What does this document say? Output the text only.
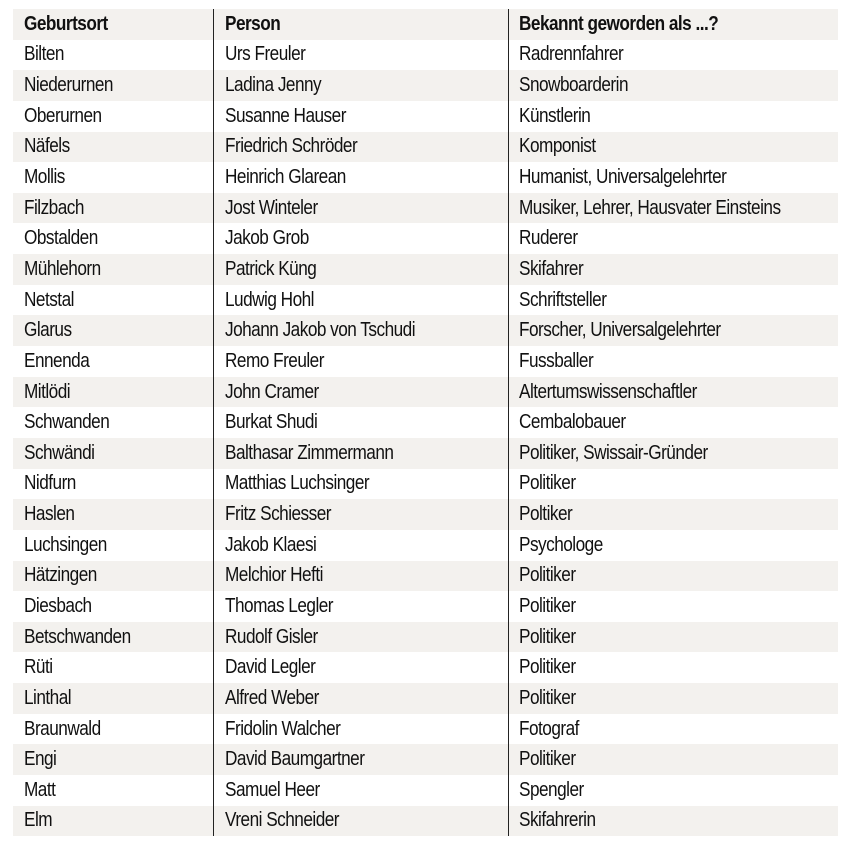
Geburtsort	Person	Bekannt geworden als ...?
Bilten	Urs Freuler	Radrennfahrer
Niederurnen	Ladina Jenny	Snowboarderin
Oberurnen	Susanne Hauser	Künstlerin
Näfels	Friedrich Schröder	Komponist
Mollis	Heinrich Glarean	Humanist, Universalgelehrter
Filzbach	Jost Winteler	Musiker, Lehrer, Hausvater Einsteins
Obstalden	Jakob Grob	Ruderer
Mühlehorn	Patrick Küng	Skifahrer
Netstal	Ludwig Hohl	Schriftsteller
Glarus	Johann Jakob von Tschudi	Forscher, Universalgelehrter
Ennenda	Remo Freuler	Fussballer
Mitlödi	John Cramer	Altertumswissenschaftler
Schwanden	Burkat Shudi	Cembalobauer
Schwändi	Balthasar Zimmermann	Politiker, Swissair-Gründer
Nidfurn	Matthias Luchsinger	Politiker
Haslen	Fritz Schiesser	Poltiker
Luchsingen	Jakob Klaesi	Psychologe
Hätzingen	Melchior Hefti	Politiker
Diesbach	Thomas Legler	Politiker
Betschwanden	Rudolf Gisler	Politiker
Rüti	David Legler	Politiker
Linthal	Alfred Weber	Politiker
Braunwald	Fridolin Walcher	Fotograf
Engi	David Baumgartner	Politiker
Matt	Samuel Heer	Spengler
Elm	Vreni Schneider	Skifahrerin
